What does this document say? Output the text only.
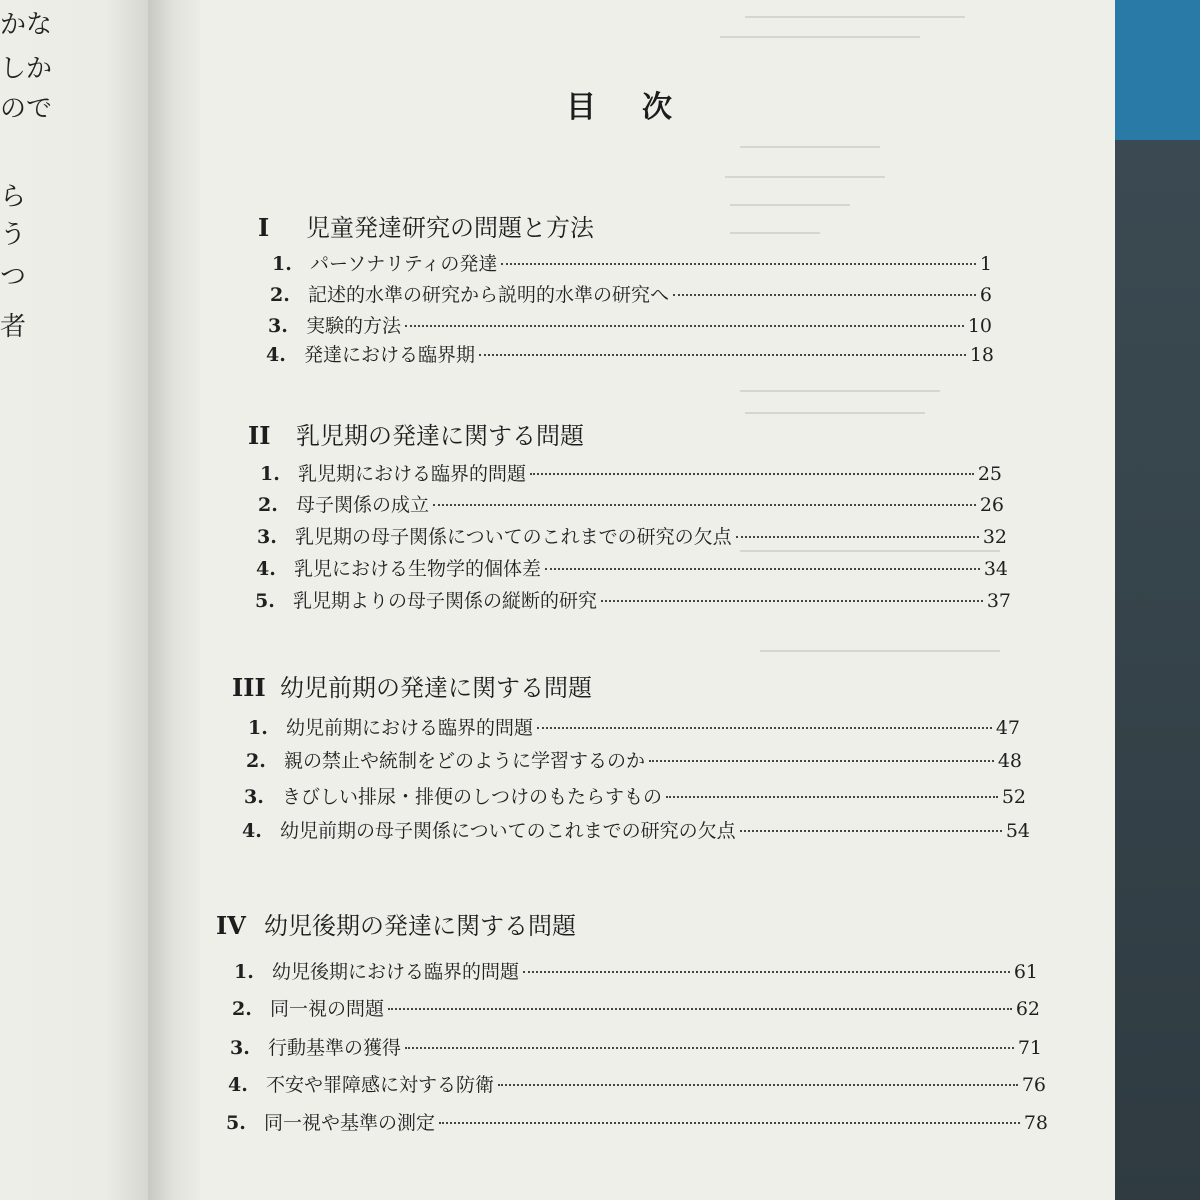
かな
しか
ので
ら
う
つ
者
目次
I 児童発達研究の問題と方法
1. パーソナリティの発達	1
2. 記述的水準の研究から説明的水準の研究へ	6
3. 実験的方法	10
4. 発達における臨界期	18
II 乳児期の発達に関する問題
1. 乳児期における臨界的問題	25
2. 母子関係の成立	26
3. 乳児期の母子関係についてのこれまでの研究の欠点	32
4. 乳児における生物学的個体差	34
5. 乳児期よりの母子関係の縦断的研究	37
III 幼児前期の発達に関する問題
1. 幼児前期における臨界的問題	47
2. 親の禁止や統制をどのように学習するのか	48
3. きびしい排尿・排便のしつけのもたらすもの	52
4. 幼児前期の母子関係についてのこれまでの研究の欠点	54
IV 幼児後期の発達に関する問題
1. 幼児後期における臨界的問題	61
2. 同一視の問題	62
3. 行動基準の獲得	71
4. 不安や罪障感に対する防衛	76
5. 同一視や基準の測定	78
